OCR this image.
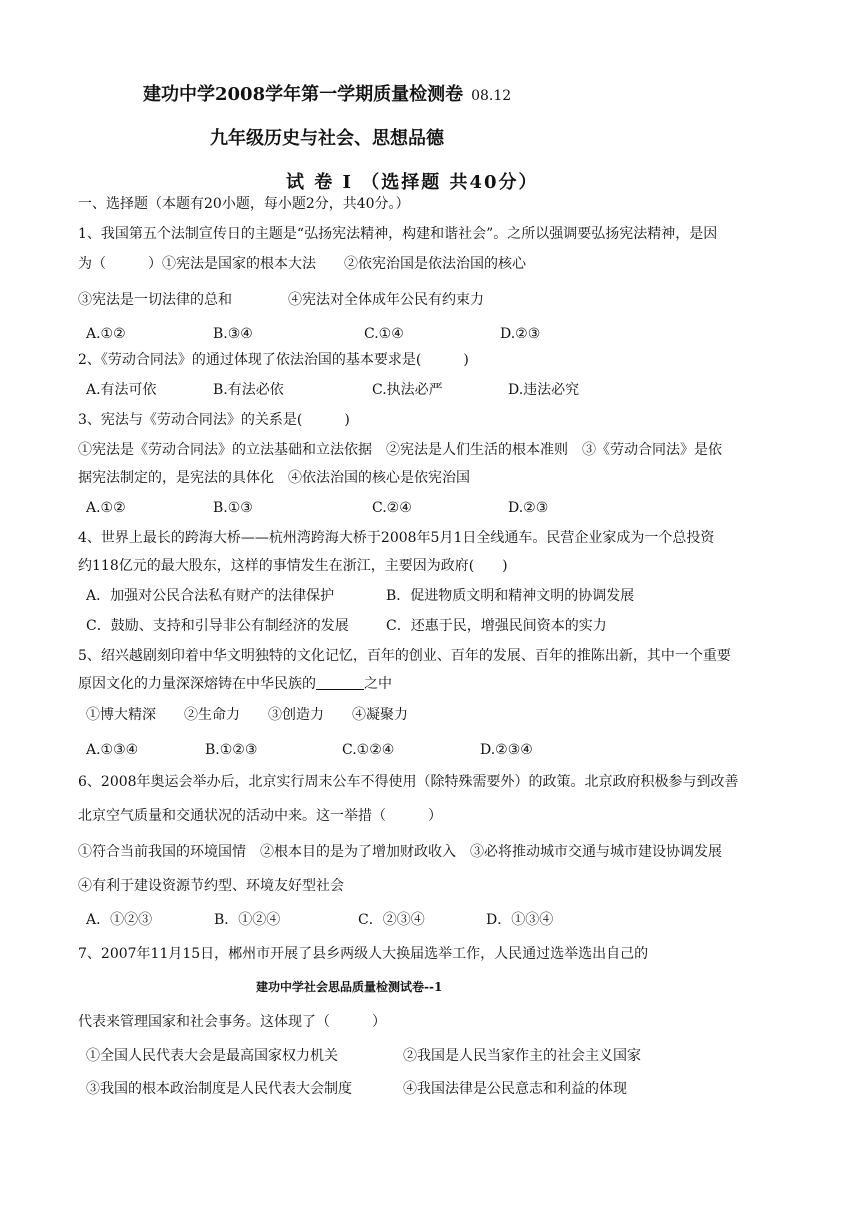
建功中学2008学年第一学期质量检测卷 08.12
九年级历史与社会、思想品德
试 卷 Ⅰ （选择题 共40分）
一、选择题（本题有20小题，每小题2分，共40分。）
1、我国第五个法制宣传日的主题是“弘扬宪法精神，构建和谐社会”。之所以强调要弘扬宪法精神，是因
为（　　　）①宪法是国家的根本大法　　②依宪治国是依法治国的核心
③宪法是一切法律的总和　　　　④宪法对全体成年公民有约束力
A.①②	B.③④	C.①④	D.②③
2、《劳动合同法》的通过体现了依法治国的基本要求是(　　　)
A.有法可依	B.有法必依	C.执法必严	D.违法必究
3、宪法与《劳动合同法》的关系是(　　　)
①宪法是《劳动合同法》的立法基础和立法依据　②宪法是人们生活的根本准则　③《劳动合同法》是依
据宪法制定的，是宪法的具体化　④依法治国的核心是依宪治国
A.①②	B.①③	C.②④	D.②③
4、世界上最长的跨海大桥——杭州湾跨海大桥于2008年5月1日全线通车。民营企业家成为一个总投资
约118亿元的最大股东，这样的事情发生在浙江，主要因为政府(　　)
A．加强对公民合法私有财产的法律保护	B．促进物质文明和精神文明的协调发展
C．鼓励、支持和引导非公有制经济的发展	C．还惠于民，增强民间资本的实力
5、绍兴越剧刻印着中华文明独特的文化记忆，百年的创业、百年的发展、百年的推陈出新，其中一个重要
原因文化的力量深深熔铸在中华民族的	之中
①博大精深　　②生命力　　③创造力　　④凝聚力
A.①③④	B.①②③	C.①②④	D.②③④
6、2008年奥运会举办后，北京实行周末公车不得使用（除特殊需要外）的政策。北京政府积极参与到改善
北京空气质量和交通状况的活动中来。这一举措（　　　）
①符合当前我国的环境国情　②根本目的是为了增加财政收入　③必将推动城市交通与城市建设协调发展
④有利于建设资源节约型、环境友好型社会
A．①②③	B．①②④	C．②③④	D．①③④
7、2007年11月15日，郴州市开展了县乡两级人大换届选举工作，人民通过选举选出自己的
建功中学社会思品质量检测试卷--1
代表来管理国家和社会事务。这体现了（　　　）
①全国人民代表大会是最高国家权力机关	②我国是人民当家作主的社会主义国家
③我国的根本政治制度是人民代表大会制度	④我国法律是公民意志和利益的体现
